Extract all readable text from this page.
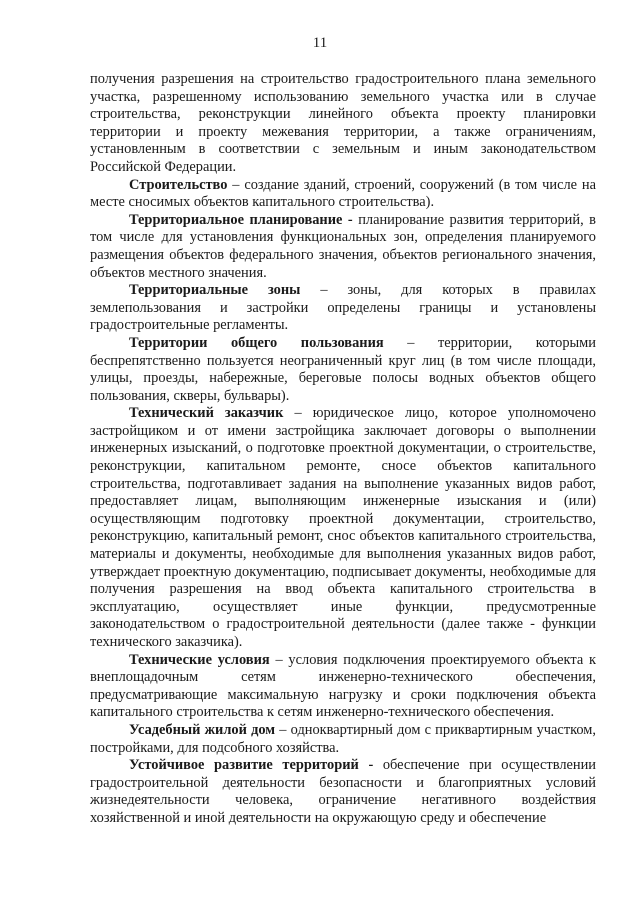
11

получения разрешения на строительство градостроительного плана земельного участка, разрешенному использованию земельного участка или в случае строительства, реконструкции линейного объекта проекту планировки территории и проекту межевания территории, а также ограничениям, установленным в соответствии с земельным и иным законодательством Российской Федерации.

Строительство – создание зданий, строений, сооружений (в том числе на месте сносимых объектов капитального строительства).

Территориальное планирование - планирование развития территорий, в том числе для установления функциональных зон, определения планируемого размещения объектов федерального значения, объектов регионального значения, объектов местного значения.

Территориальные зоны – зоны, для которых в правилах землепользования и застройки определены границы и установлены градостроительные регламенты.

Территории общего пользования – территории, которыми беспрепятственно пользуется неограниченный круг лиц (в том числе площади, улицы, проезды, набережные, береговые полосы водных объектов общего пользования, скверы, бульвары).

Технический заказчик – юридическое лицо, которое уполномочено застройщиком и от имени застройщика заключает договоры о выполнении инженерных изысканий, о подготовке проектной документации, о строительстве, реконструкции, капитальном ремонте, сносе объектов капитального строительства, подготавливает задания на выполнение указанных видов работ, предоставляет лицам, выполняющим инженерные изыскания и (или) осуществляющим подготовку проектной документации, строительство, реконструкцию, капитальный ремонт, снос объектов капитального строительства, материалы и документы, необходимые для выполнения указанных видов работ, утверждает проектную документацию, подписывает документы, необходимые для получения разрешения на ввод объекта капитального строительства в эксплуатацию, осуществляет иные функции, предусмотренные законодательством о градостроительной деятельности (далее также - функции технического заказчика).

Технические условия – условия подключения проектируемого объекта к внеплощадочным сетям инженерно-технического обеспечения, предусматривающие максимальную нагрузку и сроки подключения объекта капитального строительства к сетям инженерно-технического обеспечения.

Усадебный жилой дом – одноквартирный дом с приквартирным участком, постройками, для подсобного хозяйства.

Устойчивое развитие территорий - обеспечение при осуществлении градостроительной деятельности безопасности и благоприятных условий жизнедеятельности человека, ограничение негативного воздействия хозяйственной и иной деятельности на окружающую среду и обеспечение
